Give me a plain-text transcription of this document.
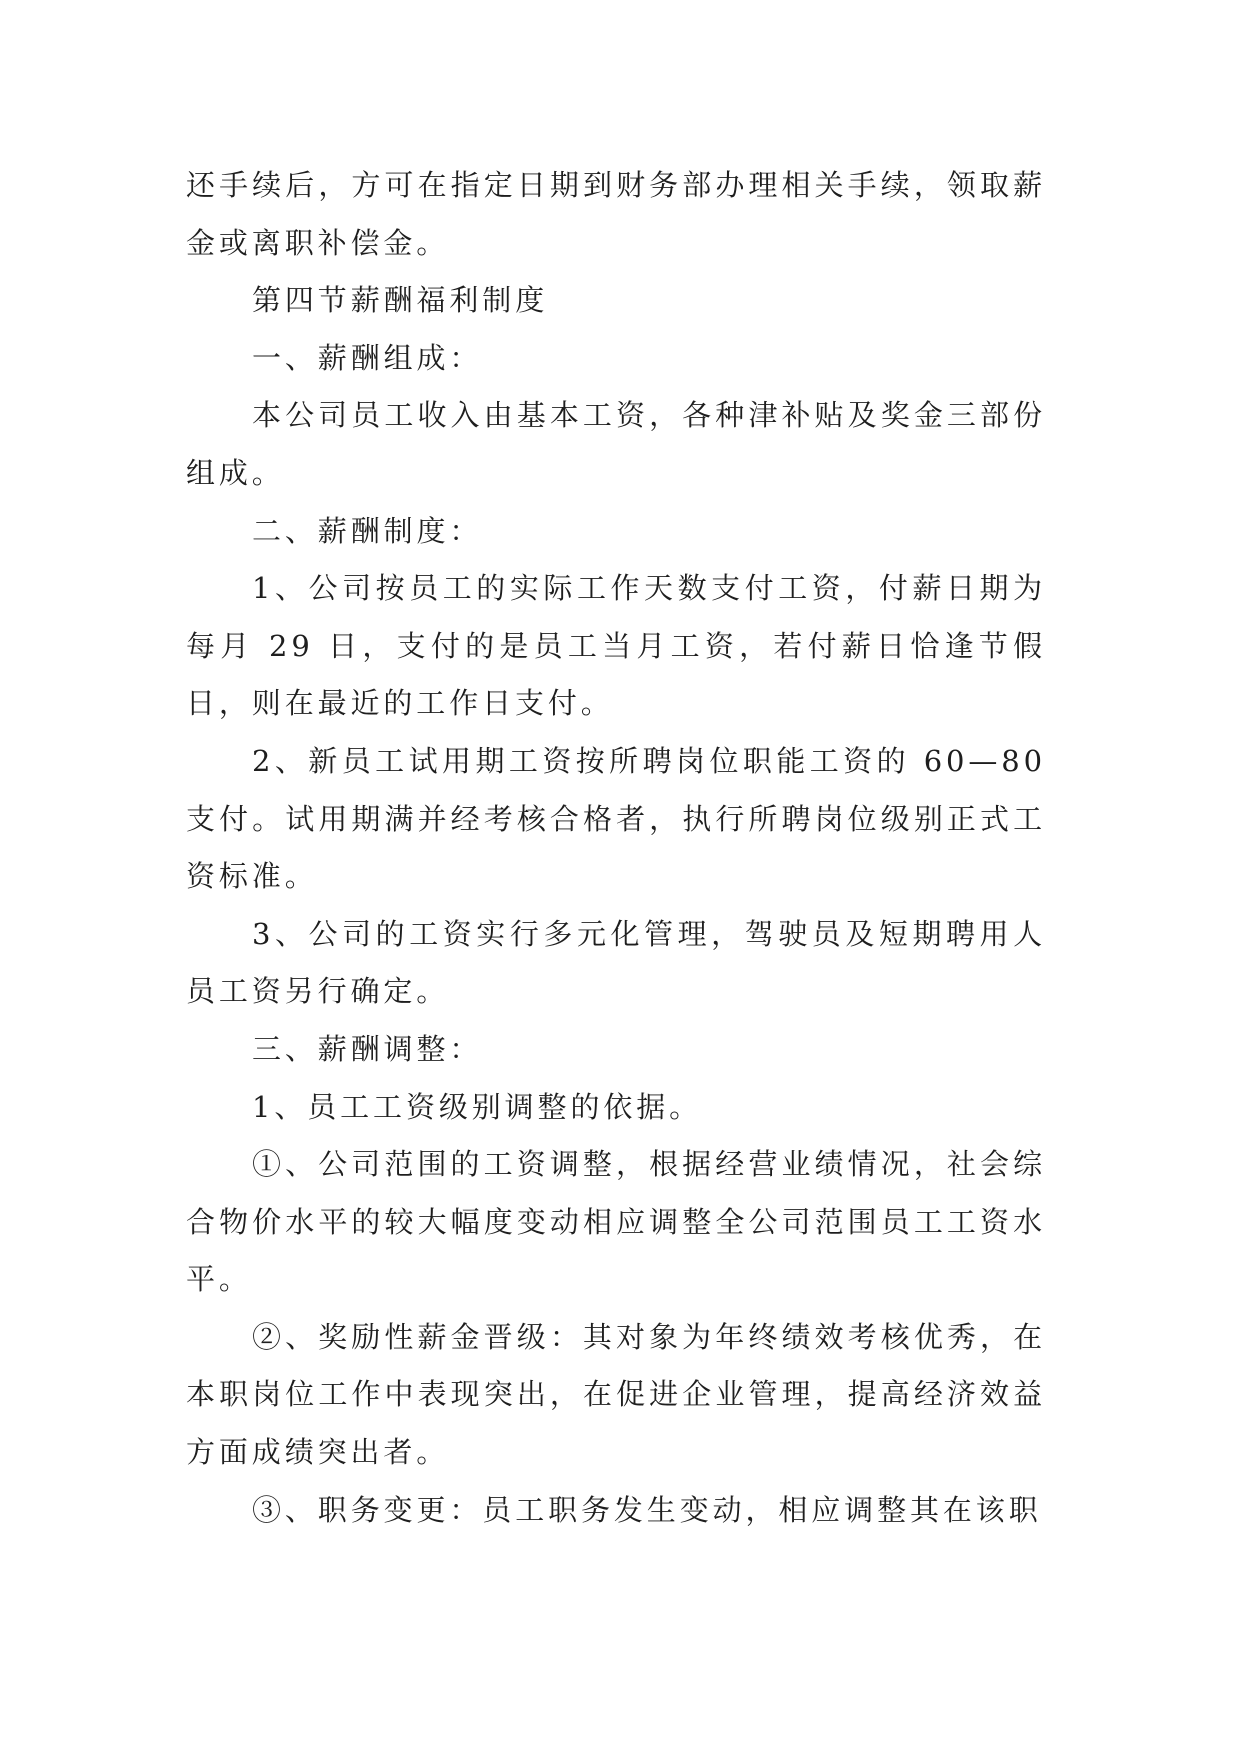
还手续后，方可在指定日期到财务部办理相关手续，领取薪金或离职补偿金。

第四节薪酬福利制度

一、薪酬组成：

本公司员工收入由基本工资，各种津补贴及奖金三部份组成。

二、薪酬制度：

1、公司按员工的实际工作天数支付工资，付薪日期为每月 29 日，支付的是员工当月工资，若付薪日恰逢节假日，则在最近的工作日支付。

2、新员工试用期工资按所聘岗位职能工资的 60—80 支付。试用期满并经考核合格者，执行所聘岗位级别正式工资标准。

3、公司的工资实行多元化管理，驾驶员及短期聘用人员工资另行确定。

三、薪酬调整：

1、员工工资级别调整的依据。

①、公司范围的工资调整，根据经营业绩情况，社会综合物价水平的较大幅度变动相应调整全公司范围员工工资水平。

②、奖励性薪金晋级：其对象为年终绩效考核优秀，在本职岗位工作中表现突出，在促进企业管理，提高经济效益方面成绩突出者。

③、职务变更：员工职务发生变动，相应调整其在该职
